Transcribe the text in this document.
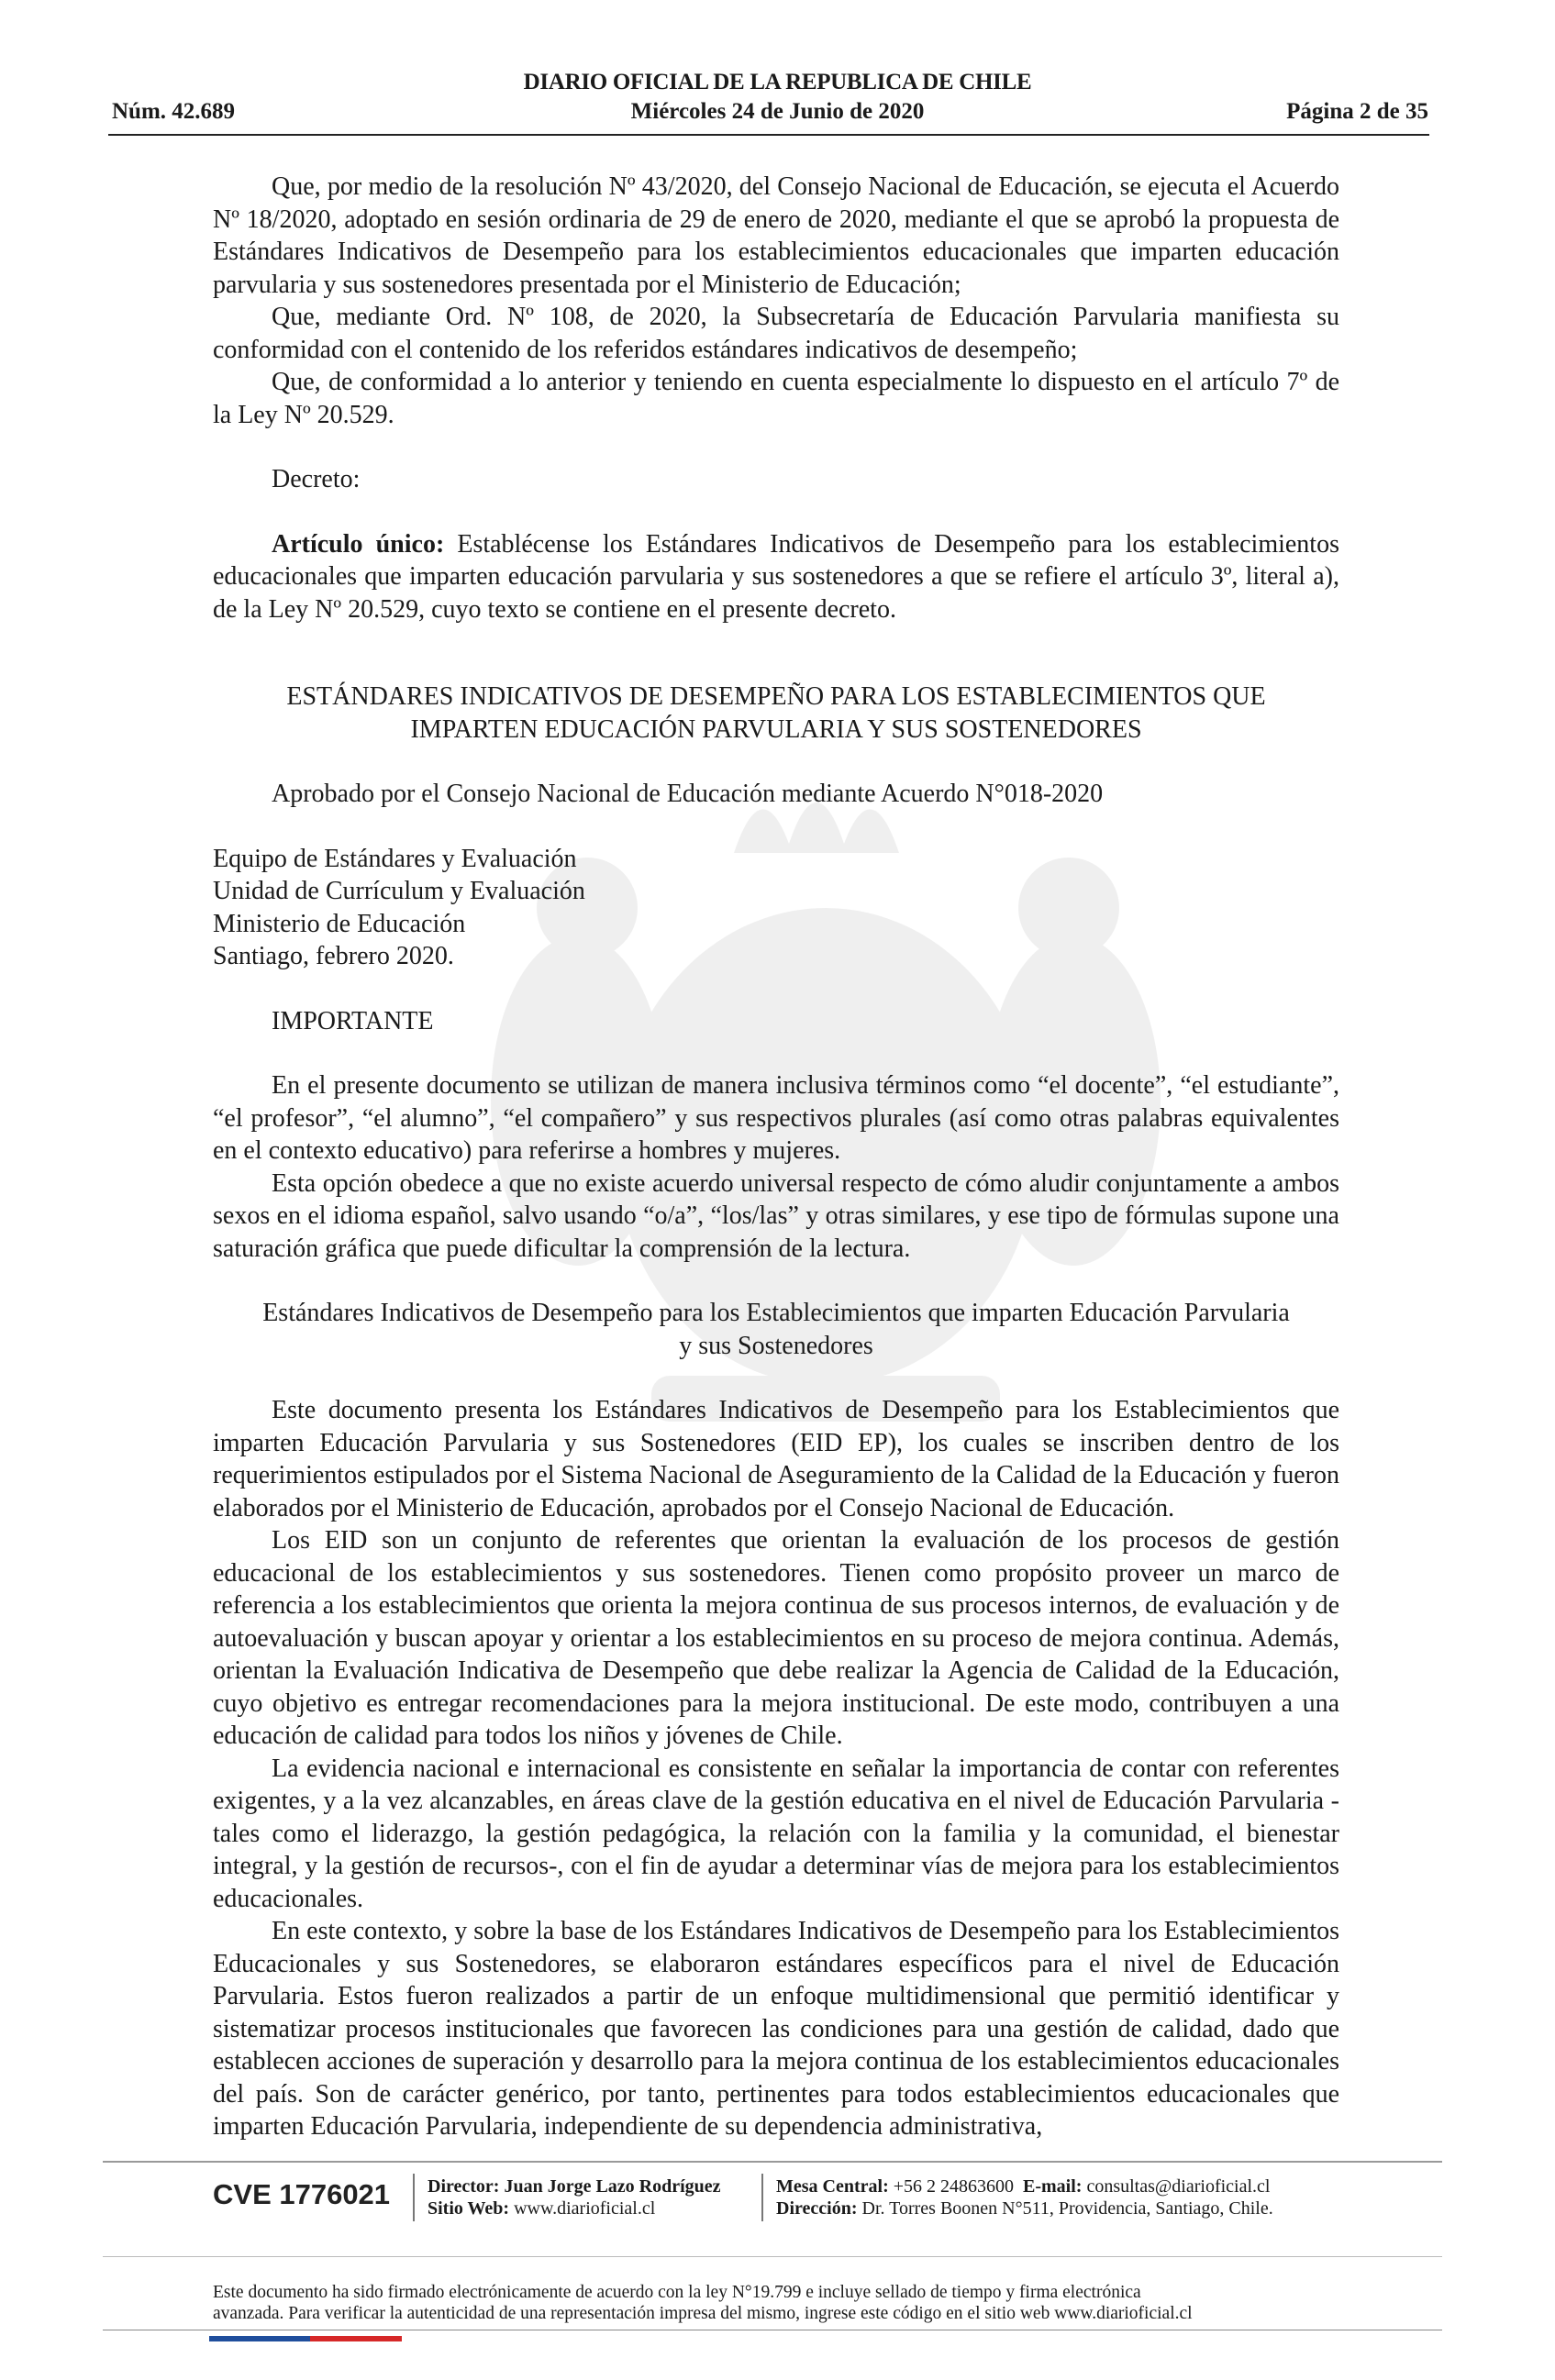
DIARIO OFICIAL DE LA REPUBLICA DE CHILE
Núm. 42.689	Miércoles 24 de Junio de 2020	Página 2 de 35

Que, por medio de la resolución Nº 43/2020, del Consejo Nacional de Educación, se ejecuta el Acuerdo Nº 18/2020, adoptado en sesión ordinaria de 29 de enero de 2020, mediante el que se aprobó la propuesta de Estándares Indicativos de Desempeño para los establecimientos educacionales que imparten educación parvularia y sus sostenedores presentada por el Ministerio de Educación;

Que, mediante Ord. Nº 108, de 2020, la Subsecretaría de Educación Parvularia manifiesta su conformidad con el contenido de los referidos estándares indicativos de desempeño;

Que, de conformidad a lo anterior y teniendo en cuenta especialmente lo dispuesto en el artículo 7º de la Ley Nº 20.529.

Decreto:

Artículo único: Establécense los Estándares Indicativos de Desempeño para los establecimientos educacionales que imparten educación parvularia y sus sostenedores a que se refiere el artículo 3º, literal a), de la Ley Nº 20.529, cuyo texto se contiene en el presente decreto.

ESTÁNDARES INDICATIVOS DE DESEMPEÑO PARA LOS ESTABLECIMIENTOS QUE

IMPARTEN EDUCACIÓN PARVULARIA Y SUS SOSTENEDORES

Aprobado por el Consejo Nacional de Educación mediante Acuerdo N°018-2020

Equipo de Estándares y Evaluación

Unidad de Currículum y Evaluación

Ministerio de Educación

Santiago, febrero 2020.

IMPORTANTE

En el presente documento se utilizan de manera inclusiva términos como “el docente”, “el estudiante”, “el profesor”, “el alumno”, “el compañero” y sus respectivos plurales (así como otras palabras equivalentes en el contexto educativo) para referirse a hombres y mujeres.

Esta opción obedece a que no existe acuerdo universal respecto de cómo aludir conjuntamente a ambos sexos en el idioma español, salvo usando “o/a”, “los/las” y otras similares, y ese tipo de fórmulas supone una saturación gráfica que puede dificultar la comprensión de la lectura.

Estándares Indicativos de Desempeño para los Establecimientos que imparten Educación Parvularia

y sus Sostenedores

Este documento presenta los Estándares Indicativos de Desempeño para los Establecimientos que imparten Educación Parvularia y sus Sostenedores (EID EP), los cuales se inscriben dentro de los requerimientos estipulados por el Sistema Nacional de Aseguramiento de la Calidad de la Educación y fueron elaborados por el Ministerio de Educación, aprobados por el Consejo Nacional de Educación.

Los EID son un conjunto de referentes que orientan la evaluación de los procesos de gestión educacional de los establecimientos y sus sostenedores. Tienen como propósito proveer un marco de referencia a los establecimientos que orienta la mejora continua de sus procesos internos, de evaluación y de autoevaluación y buscan apoyar y orientar a los establecimientos en su proceso de mejora continua. Además, orientan la Evaluación Indicativa de Desempeño que debe realizar la Agencia de Calidad de la Educación, cuyo objetivo es entregar recomendaciones para la mejora institucional. De este modo, contribuyen a una educación de calidad para todos los niños y jóvenes de Chile.

La evidencia nacional e internacional es consistente en señalar la importancia de contar con referentes exigentes, y a la vez alcanzables, en áreas clave de la gestión educativa en el nivel de Educación Parvularia -tales como el liderazgo, la gestión pedagógica, la relación con la familia y la comunidad, el bienestar integral, y la gestión de recursos-, con el fin de ayudar a determinar vías de mejora para los establecimientos educacionales.

En este contexto, y sobre la base de los Estándares Indicativos de Desempeño para los Establecimientos Educacionales y sus Sostenedores, se elaboraron estándares específicos para el nivel de Educación Parvularia. Estos fueron realizados a partir de un enfoque multidimensional que permitió identificar y sistematizar procesos institucionales que favorecen las condiciones para una gestión de calidad, dado que establecen acciones de superación y desarrollo para la mejora continua de los establecimientos educacionales del país. Son de carácter genérico, por tanto, pertinentes para todos establecimientos educacionales que imparten Educación Parvularia, independiente de su dependencia administrativa,

CVE 1776021 Director: Juan Jorge Lazo Rodríguez
Sitio Web: www.diarioficial.cl
Mesa Central: +56 2 24863600 E-mail: consultas@diarioficial.cl
Dirección: Dr. Torres Boonen N°511, Providencia, Santiago, Chile.
Este documento ha sido firmado electrónicamente de acuerdo con la ley N°19.799 e incluye sellado de tiempo y firma electrónica
avanzada. Para verificar la autenticidad de una representación impresa del mismo, ingrese este código en el sitio web www.diarioficial.cl
